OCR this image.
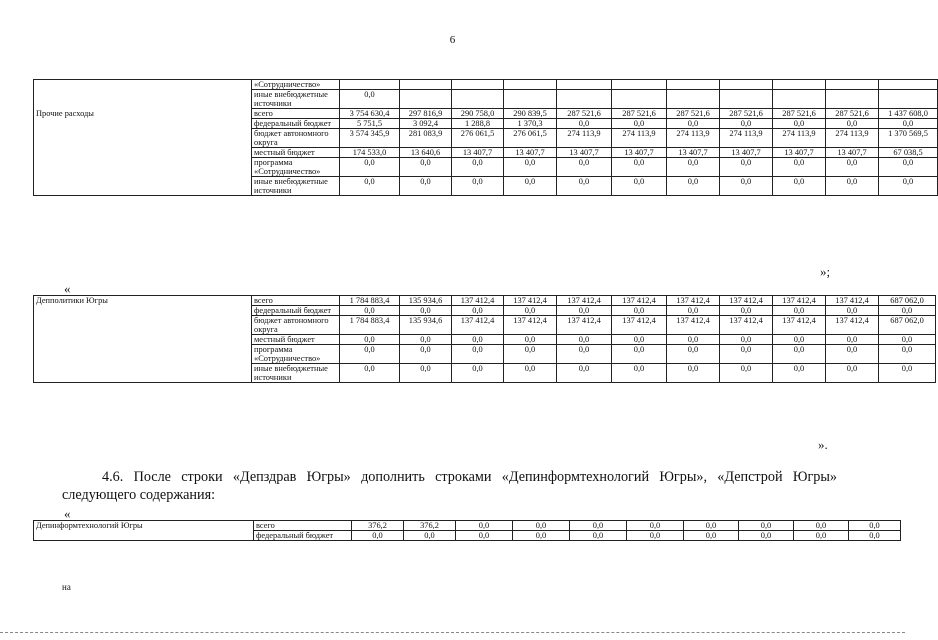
6
	«Сотрудничество»											
	иные внебюджетные источники	0,0										
Прочие расходы	всего	3 754 630,4	297 816,9	290 758,0	290 839,5	287 521,6	287 521,6	287 521,6	287 521,6	287 521,6	287 521,6	1 437 608,0
	федеральный бюджет	5 751,5	3 092,4	1 288,8	1 370,3	0,0	0,0	0,0	0,0	0,0	0,0	0,0
	бюджет автономного округа	3 574 345,9	281 083,9	276 061,5	276 061,5	274 113,9	274 113,9	274 113,9	274 113,9	274 113,9	274 113,9	1 370 569,5
	местный бюджет	174 533,0	13 640,6	13 407,7	13 407,7	13 407,7	13 407,7	13 407,7	13 407,7	13 407,7	13 407,7	67 038,5
	программа «Сотрудничество»	0,0	0,0	0,0	0,0	0,0	0,0	0,0	0,0	0,0	0,0	0,0
	иные внебюджетные источники	0,0	0,0	0,0	0,0	0,0	0,0	0,0	0,0	0,0	0,0	0,0
»;
«
Депполитики Югры	всего	1 784 883,4	135 934,6	137 412,4	137 412,4	137 412,4	137 412,4	137 412,4	137 412,4	137 412,4	137 412,4	687 062,0
	федеральный бюджет	0,0	0,0	0,0	0,0	0,0	0,0	0,0	0,0	0,0	0,0	0,0
	бюджет автономного округа	1 784 883,4	135 934,6	137 412,4	137 412,4	137 412,4	137 412,4	137 412,4	137 412,4	137 412,4	137 412,4	687 062,0
	местный бюджет	0,0	0,0	0,0	0,0	0,0	0,0	0,0	0,0	0,0	0,0	0,0
	программа «Сотрудничество»	0,0	0,0	0,0	0,0	0,0	0,0	0,0	0,0	0,0	0,0	0,0
	иные внебюджетные источники	0,0	0,0	0,0	0,0	0,0	0,0	0,0	0,0	0,0	0,0	0,0
».
4.6. После строки «Депздрав Югры» дополнить строками «Депинформтехнологий Югры», «Депстрой Югры» следующего содержания:
«
Депинформтехнологий Югры	всего	376,2	376,2	0,0	0,0	0,0	0,0	0,0	0,0	0,0	0,0
	федеральный бюджет	0,0	0,0	0,0	0,0	0,0	0,0	0,0	0,0	0,0	0,0
на
